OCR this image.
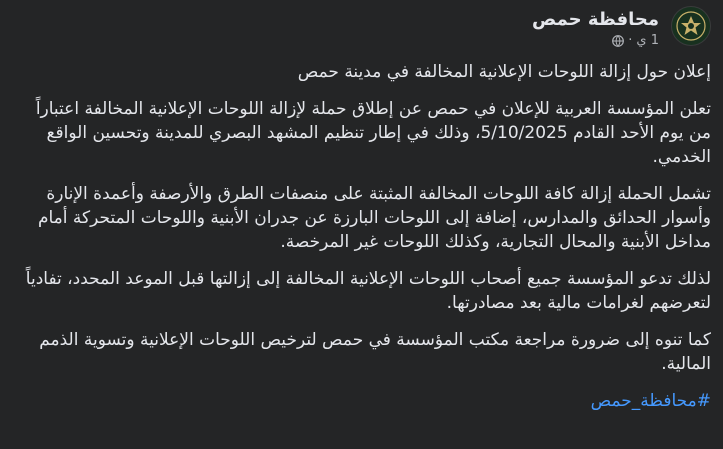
محافظة حمص
1 ي
·

إعلان حول إزالة اللوحات الإعلانية المخالفة في مدينة حمص

تعلن المؤسسة العربية للإعلان في حمص عن إطلاق حملة لإزالة اللوحات الإعلانية المخالفة اعتباراً من يوم الأحد القادم 5/10/2025، وذلك في إطار تنظيم المشهد البصري للمدينة وتحسين الواقع الخدمي.

تشمل الحملة إزالة كافة اللوحات المخالفة المثبتة على منصفات الطرق والأرصفة وأعمدة الإنارة وأسوار الحدائق والمدارس، إضافة إلى اللوحات البارزة عن جدران الأبنية واللوحات المتحركة أمام مداخل الأبنية والمحال التجارية، وكذلك اللوحات غير المرخصة.

لذلك تدعو المؤسسة جميع أصحاب اللوحات الإعلانية المخالفة إلى إزالتها قبل الموعد المحدد، تفادياً لتعرضهم لغرامات مالية بعد مصادرتها.

كما تنوه إلى ضرورة مراجعة مكتب المؤسسة في حمص لترخيص اللوحات الإعلانية وتسوية الذمم المالية.

#محافظة_حمص
